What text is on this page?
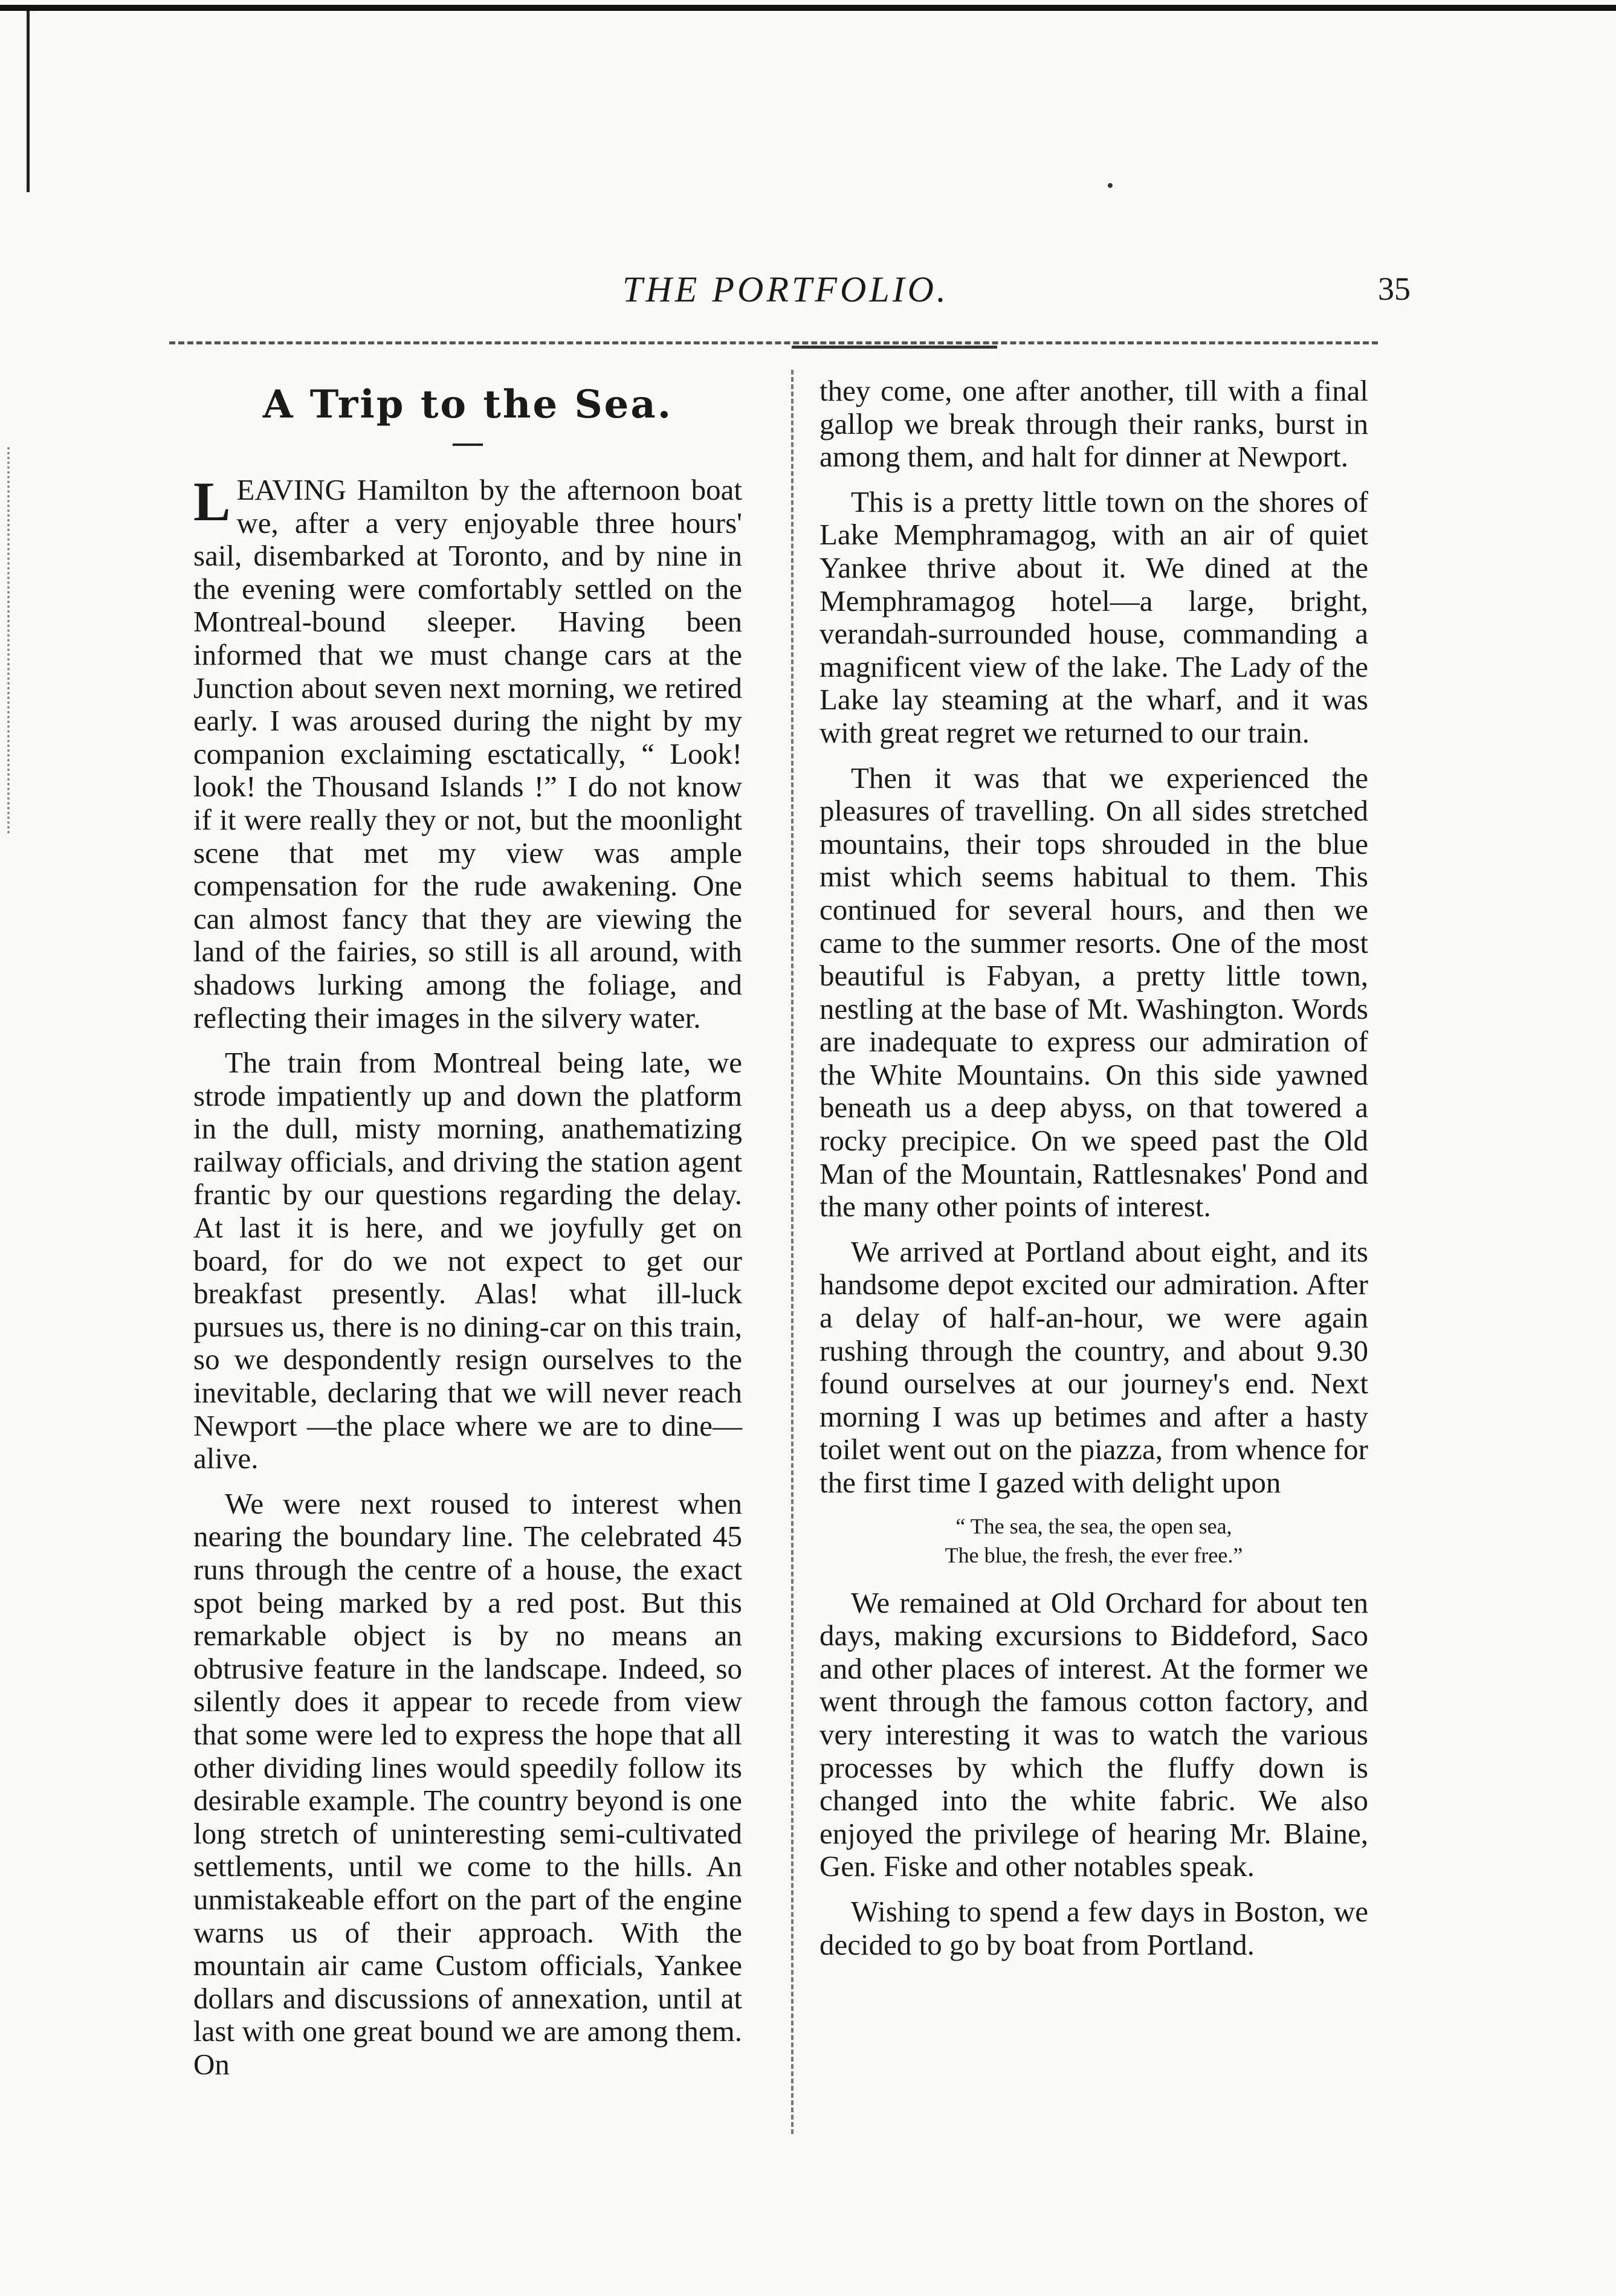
THE PORTFOLIO.	35
A Trip to the Sea.

LEAVING Hamilton by the afternoon boat we, after a very enjoyable three hours' sail, disembarked at Toronto, and by nine in the evening were comfortably settled on the Montreal-bound sleeper. Having been informed that we must change cars at the Junction about seven next morning, we retired early. I was aroused during the night by my companion exclaiming esctatically, “ Look! look! the Thousand Islands !” I do not know if it were really they or not, but the moonlight scene that met my view was ample compensation for the rude awakening. One can almost fancy that they are viewing the land of the fairies, so still is all around, with shadows lurking among the foliage, and reflecting their images in the silvery water.

The train from Montreal being late, we strode impatiently up and down the platform in the dull, misty morning, anathematizing railway officials, and driving the station agent frantic by our questions regarding the delay. At last it is here, and we joyfully get on board, for do we not expect to get our breakfast presently. Alas! what ill-luck pursues us, there is no dining-car on this train, so we despondently resign ourselves to the inevitable, declaring that we will never reach Newport —the place where we are to dine—alive.

We were next roused to interest when nearing the boundary line. The celebrated 45 runs through the centre of a house, the exact spot being marked by a red post. But this remarkable object is by no means an obtrusive feature in the landscape. Indeed, so silently does it appear to recede from view that some were led to express the hope that all other dividing lines would speedily follow its desirable example. The country beyond is one long stretch of uninteresting semi-cultivated settlements, until we come to the hills. An unmistakeable effort on the part of the engine warns us of their approach. With the mountain air came Custom officials, Yankee dollars and discussions of annexation, until at last with one great bound we are among them. On

they come, one after another, till with a final gallop we break through their ranks, burst in among them, and halt for dinner at Newport.

This is a pretty little town on the shores of Lake Memphramagog, with an air of quiet Yankee thrive about it. We dined at the Memphramagog hotel—a large, bright, verandah-surrounded house, commanding a magnificent view of the lake. The Lady of the Lake lay steaming at the wharf, and it was with great regret we returned to our train.

Then it was that we experienced the pleasures of travelling. On all sides stretched mountains, their tops shrouded in the blue mist which seems habitual to them. This continued for several hours, and then we came to the summer resorts. One of the most beautiful is Fabyan, a pretty little town, nestling at the base of Mt. Washington. Words are inadequate to express our admiration of the White Mountains. On this side yawned beneath us a deep abyss, on that towered a rocky precipice. On we speed past the Old Man of the Mountain, Rattlesnakes' Pond and the many other points of interest.

We arrived at Portland about eight, and its handsome depot excited our admiration. After a delay of half-an-hour, we were again rushing through the country, and about 9.30 found ourselves at our journey's end. Next morning I was up betimes and after a hasty toilet went out on the piazza, from whence for the first time I gazed with delight upon

“ The sea, the sea, the open sea,
The blue, the fresh, the ever free.”

We remained at Old Orchard for about ten days, making excursions to Biddeford, Saco and other places of interest. At the former we went through the famous cotton factory, and very interesting it was to watch the various processes by which the fluffy down is changed into the white fabric. We also enjoyed the privilege of hearing Mr. Blaine, Gen. Fiske and other notables speak.

Wishing to spend a few days in Boston, we decided to go by boat from Portland.
